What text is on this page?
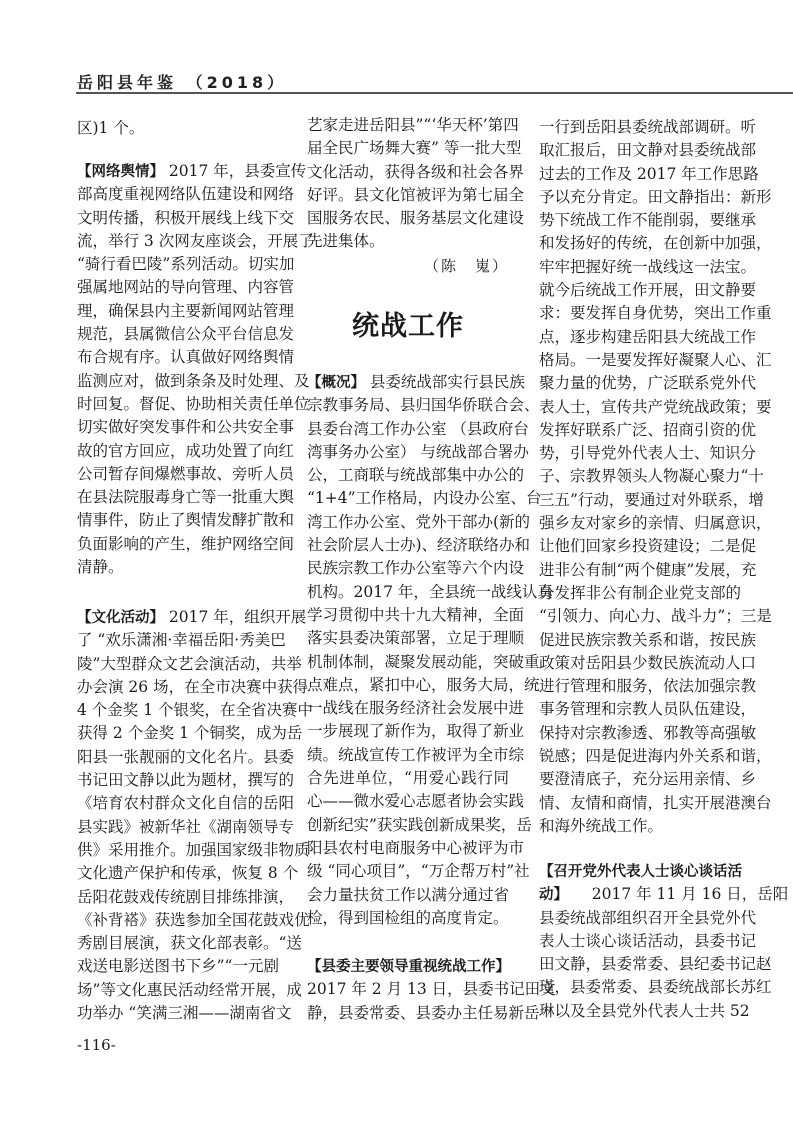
岳阳县年鉴 （2018）
区)1 个。
【网络舆情】 2017 年，县委宣传
部高度重视网络队伍建设和网络
文明传播，积极开展线上线下交
流，举行 3 次网友座谈会，开展了
“骑行看巴陵”系列活动。切实加
强属地网站的导向管理、内容管
理，确保县内主要新闻网站管理
规范，县属微信公众平台信息发
布合规有序。认真做好网络舆情
监测应对，做到条条及时处理、及
时回复。督促、协助相关责任单位
切实做好突发事件和公共安全事
故的官方回应，成功处置了向红
公司暂存间爆燃事故、旁听人员
在县法院服毒身亡等一批重大舆
情事件，防止了舆情发酵扩散和
负面影响的产生，维护网络空间
清静。
【文化活动】 2017 年，组织开展
了 “欢乐潇湘·幸福岳阳·秀美巴
陵”大型群众文艺会演活动，共举
办会演 26 场，在全市决赛中获得
4 个金奖 1 个银奖，在全省决赛中
获得 2 个金奖 1 个铜奖，成为岳
阳县一张靓丽的文化名片。县委
书记田文静以此为题材，撰写的
《培育农村群众文化自信的岳阳
县实践》被新华社《湖南领导专
供》采用推介。加强国家级非物质
文化遗产保护和传承，恢复 8 个
岳阳花鼓戏传统剧目排练排演，
《补背褡》获选参加全国花鼓戏优
秀剧目展演，获文化部表彰。“送
戏送电影送图书下乡”“一元剧
场”等文化惠民活动经常开展，成
功举办 “笑满三湘——湖南省文
艺家走进岳阳县”“‘华天杯’第四
届全民广场舞大赛” 等一批大型
文化活动，获得各级和社会各界
好评。县文化馆被评为第七届全
国服务农民、服务基层文化建设
先进集体。
（陈　嵬）
统战工作
【概况】 县委统战部实行县民族
宗教事务局、县归国华侨联合会、
县委台湾工作办公室 （县政府台
湾事务办公室） 与统战部合署办
公，工商联与统战部集中办公的
“1+4”工作格局，内设办公室、台
湾工作办公室、党外干部办(新的
社会阶层人士办)、经济联络办和
民族宗教工作办公室等六个内设
机构。2017 年，全县统一战线认真
学习贯彻中共十九大精神，全面
落实县委决策部署，立足于理顺
机制体制，凝聚发展动能，突破重
点难点，紧扣中心，服务大局，统
一战线在服务经济社会发展中进
一步展现了新作为，取得了新业
绩。统战宣传工作被评为全市综
合先进单位，“用爱心践行同
心——微水爱心志愿者协会实践
创新纪实”获实践创新成果奖，岳
阳县农村电商服务中心被评为市
级 “同心项目”，“万企帮万村”社
会力量扶贫工作以满分通过省
检，得到国检组的高度肯定。
【县委主要领导重视统战工作】
2017 年 2 月 13 日，县委书记田文
静，县委常委、县委办主任易新岳
一行到岳阳县委统战部调研。听
取汇报后，田文静对县委统战部
过去的工作及 2017 年工作思路
予以充分肯定。田文静指出：新形
势下统战工作不能削弱，要继承
和发扬好的传统，在创新中加强，
牢牢把握好统一战线这一法宝。
就今后统战工作开展，田文静要
求：要发挥自身优势，突出工作重
点，逐步构建岳阳县大统战工作
格局。一是要发挥好凝聚人心、汇
聚力量的优势，广泛联系党外代
表人士，宣传共产党统战政策；要
发挥好联系广泛、招商引资的优
势，引导党外代表人士、知识分
子、宗教界领头人物凝心聚力“十
三五”行动，要通过对外联系，增
强乡友对家乡的亲情、归属意识，
让他们回家乡投资建设；二是促
进非公有制“两个健康”发展，充
分发挥非公有制企业党支部的
“引领力、向心力、战斗力”；三是
促进民族宗教关系和谐，按民族
政策对岳阳县少数民族流动人口
进行管理和服务，依法加强宗教
事务管理和宗教人员队伍建设，
保持对宗教渗透、邪教等高强敏
锐感；四是促进海内外关系和谐，
要澄清底子，充分运用亲情、乡
情、友情和商情，扎实开展港澳台
和海外统战工作。
【召开党外代表人士谈心谈话活
动】　　2017 年 11 月 16 日，岳阳
县委统战部组织召开全县党外代
表人士谈心谈话活动，县委书记
田文静，县委常委、县纪委书记赵
瑾，县委常委、县委统战部长苏红
琳以及全县党外代表人士共 52
-116-
